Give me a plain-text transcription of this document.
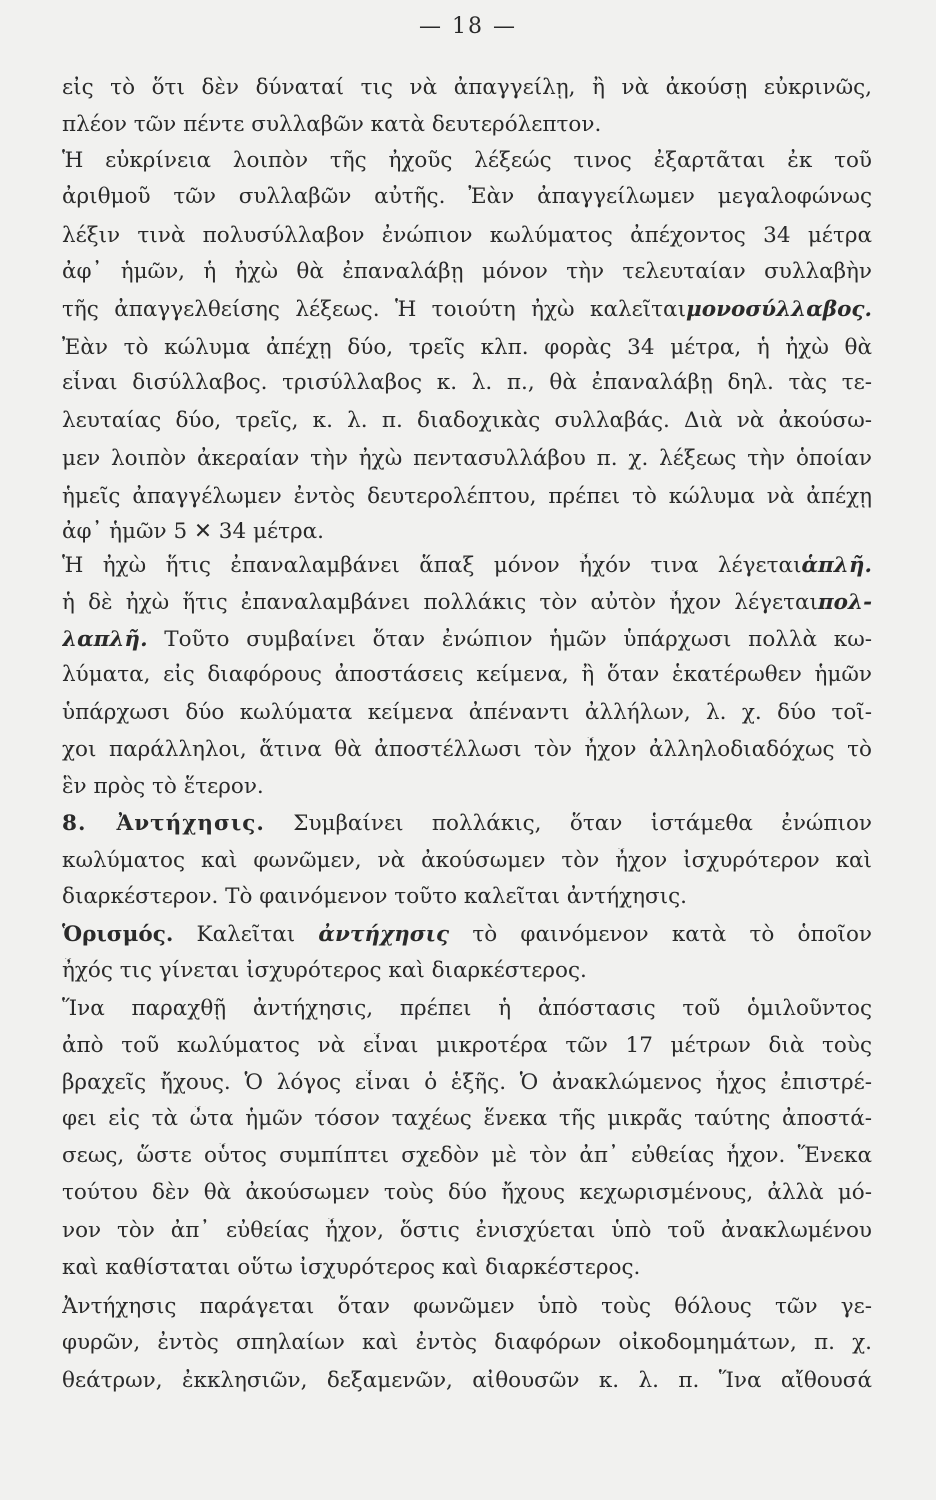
— 18 —
εἰς τὸ ὅτι δὲν δύναταί τις νὰ ἀπαγγείλῃ, ἢ νὰ ἀκούσῃ εὐκρινῶς,
πλέον τῶν πέντε συλλαβῶν κατὰ δευτερόλεπτον.
Ἡ εὐκρίνεια λοιπὸν τῆς ἠχοῦς λέξεώς τινος ἐξαρτᾶται ἐκ τοῦ
ἀριθμοῦ τῶν συλλαβῶν αὐτῆς. Ἐὰν ἀπαγγείλωμεν μεγαλοφώνως
λέξιν τινὰ πολυσύλλαβον ἐνώπιον κωλύματος ἀπέχοντος 34 μέτρα
ἀφ᾽ ἡμῶν, ἡ ἠχὼ θὰ ἐπαναλάβῃ μόνον τὴν τελευταίαν συλλαβὴν
τῆς ἀπαγγελθείσης λέξεως. Ἡ τοιούτη ἠχὼ καλεῖταιμονοσύλλαβος.
Ἐὰν τὸ κώλυμα ἀπέχῃ δύο, τρεῖς κλπ. φορὰς 34 μέτρα, ἡ ἠχὼ θὰ
εἶναι δισύλλαβος. τρισύλλαβος κ. λ. π., θὰ ἐπαναλάβῃ δηλ. τὰς τε-
λευταίας δύο, τρεῖς, κ. λ. π. διαδοχικὰς συλλαβάς. Διὰ νὰ ἀκούσω-
μεν λοιπὸν ἀκεραίαν τὴν ἠχὼ πεντασυλλάβου π. χ. λέξεως τὴν ὁποίαν
ἡμεῖς ἀπαγγέλωμεν ἐντὸς δευτερολέπτου, πρέπει τὸ κώλυμα νὰ ἀπέχῃ
ἀφ᾽ ἡμῶν 5 ✕ 34 μέτρα.
Ἡ ἠχὼ ἥτις ἐπαναλαμβάνει ἅπαξ μόνον ἦχόν τινα λέγεταιἁπλῆ.
ἡ δὲ ἠχὼ ἥτις ἐπαναλαμβάνει πολλάκις τὸν αὐτὸν ἦχον λέγεταιπολ-
λαπλῆ. Τοῦτο συμβαίνει ὅταν ἐνώπιον ἡμῶν ὑπάρχωσι πολλὰ κω-
λύματα, εἰς διαφόρους ἀποστάσεις κείμενα, ἢ ὅταν ἑκατέρωθεν ἡμῶν
ὑπάρχωσι δύο κωλύματα κείμενα ἀπέναντι ἀλλήλων, λ. χ. δύο τοῖ-
χοι παράλληλοι, ἅτινα θὰ ἀποστέλλωσι τὸν ἦχον ἀλληλοδιαδόχως τὸ
ἓν πρὸς τὸ ἕτερον.
8. Ἀντήχησις. Συμβαίνει πολλάκις, ὅταν ἱστάμεθα ἐνώπιον
κωλύματος καὶ φωνῶμεν, νὰ ἀκούσωμεν τὸν ἦχον ἰσχυρότερον καὶ
διαρκέστερον. Τὸ φαινόμενον τοῦτο καλεῖται ἀντήχησις.
Ὁρισμός. Καλεῖται ἀντήχησις τὸ φαινόμενον κατὰ τὸ ὁποῖον
ἦχός τις γίνεται ἰσχυρότερος καὶ διαρκέστερος.
Ἵνα παραχθῇ ἀντήχησις, πρέπει ἡ ἀπόστασις τοῦ ὁμιλοῦντος
ἀπὸ τοῦ κωλύματος νὰ εἶναι μικροτέρα τῶν 17 μέτρων διὰ τοὺς
βραχεῖς ἤχους. Ὁ λόγος εἶναι ὁ ἑξῆς. Ὁ ἀνακλώμενος ἦχος ἐπιστρέ-
φει εἰς τὰ ὦτα ἡμῶν τόσον ταχέως ἕνεκα τῆς μικρᾶς ταύτης ἀποστά-
σεως, ὥστε οὗτος συμπίπτει σχεδὸν μὲ τὸν ἀπ᾽ εὐθείας ἦχον. Ἕνεκα
τούτου δὲν θὰ ἀκούσωμεν τοὺς δύο ἤχους κεχωρισμένους, ἀλλὰ μό-
νον τὸν ἀπ᾽ εὐθείας ἦχον, ὅστις ἐνισχύεται ὑπὸ τοῦ ἀνακλωμένου
καὶ καθίσταται οὕτω ἰσχυρότερος καὶ διαρκέστερος.
Ἀντήχησις παράγεται ὅταν φωνῶμεν ὑπὸ τοὺς θόλους τῶν γε-
φυρῶν, ἐντὸς σπηλαίων καὶ ἐντὸς διαφόρων οἰκοδομημάτων, π. χ.
θεάτρων, ἐκκλησιῶν, δεξαμενῶν, αἰθουσῶν κ. λ. π. Ἵνα αἴθουσά
